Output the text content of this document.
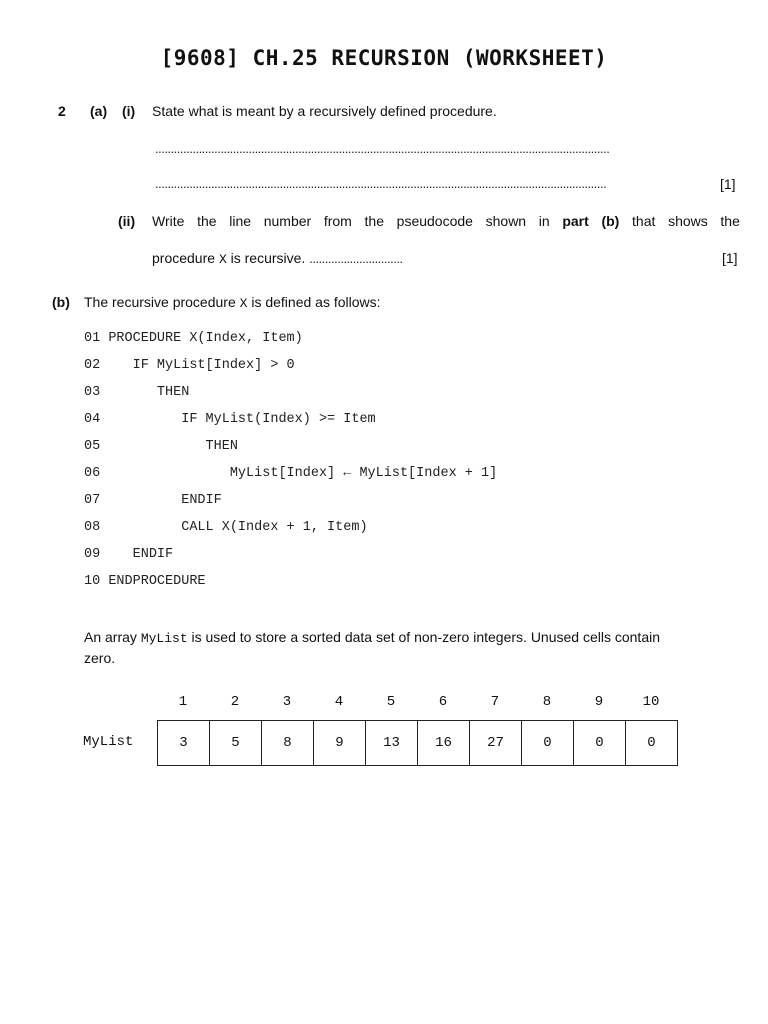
[9608] CH.25 RECURSION (WORKSHEET)
2 (a) (i) State what is meant by a recursively defined procedure.
..................................................................................................................................................
.................................................................................................................................................	[1]
(ii) Write the line number from the pseudocode shown in part (b) that shows the
procedure X is recursive. ..............................	[1]
(b) The recursive procedure X is defined as follows:
01 PROCEDURE X(Index, Item)
02    IF MyList[Index] > 0
03       THEN
04          IF MyList(Index) >= Item
05             THEN
06                MyList[Index] ← MyList[Index + 1]
07          ENDIF
08          CALL X(Index + 1, Item)
09    ENDIF
10 ENDPROCEDURE
An array MyList is used to store a sorted data set of non-zero integers. Unused cells contain
zero.
1	2	3	4	5	6	7	8	9	10
MyList	3	5	8	9	13	16	27	0	0	0
